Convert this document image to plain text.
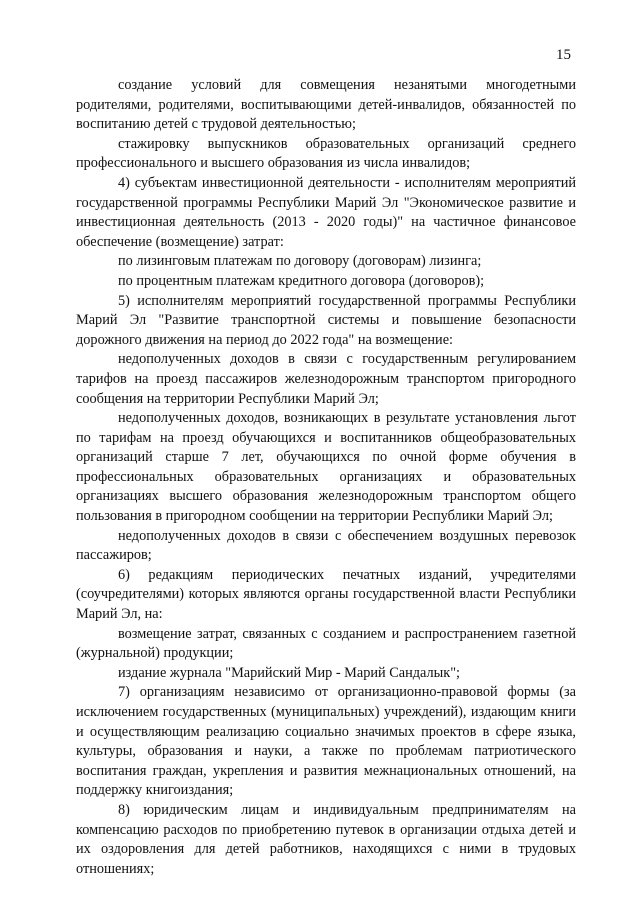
15

создание условий для совмещения незанятыми многодетными родителями, родителями, воспитывающими детей-инвалидов, обязанностей по воспитанию детей с трудовой деятельностью;

стажировку выпускников образовательных организаций среднего профессионального и высшего образования из числа инвалидов;

4) субъектам инвестиционной деятельности - исполнителям мероприятий государственной программы Республики Марий Эл "Экономическое развитие и инвестиционная деятельность (2013 - 2020 годы)" на частичное финансовое обеспечение (возмещение) затрат:

по лизинговым платежам по договору (договорам) лизинга;

по процентным платежам кредитного договора (договоров);

5) исполнителям мероприятий государственной программы Республики Марий Эл "Развитие транспортной системы и повышение безопасности дорожного движения на период до 2022 года" на возмещение:

недополученных доходов в связи с государственным регулированием тарифов на проезд пассажиров железнодорожным транспортом пригородного сообщения на территории Республики Марий Эл;

недополученных доходов, возникающих в результате установления льгот по тарифам на проезд обучающихся и воспитанников общеобразовательных организаций старше 7 лет, обучающихся по очной форме обучения в профессиональных образовательных организациях и образовательных организациях высшего образования железнодорожным транспортом общего пользования в пригородном сообщении на территории Республики Марий Эл;

недополученных доходов в связи с обеспечением воздушных перевозок пассажиров;

6) редакциям периодических печатных изданий, учредителями (соучредителями) которых являются органы государственной власти Республики Марий Эл, на:

возмещение затрат, связанных с созданием и распространением газетной (журнальной) продукции;

издание журнала "Марийский Мир - Марий Сандалык";

7) организациям независимо от организационно-правовой формы (за исключением государственных (муниципальных) учреждений), издающим книги и осуществляющим реализацию социально значимых проектов в сфере языка, культуры, образования и науки, а также по проблемам патриотического воспитания граждан, укрепления и развития межнациональных отношений, на поддержку книгоиздания;

8) юридическим лицам и индивидуальным предпринимателям на компенсацию расходов по приобретению путевок в организации отдыха детей и их оздоровления для детей работников, находящихся с ними в трудовых отношениях;
